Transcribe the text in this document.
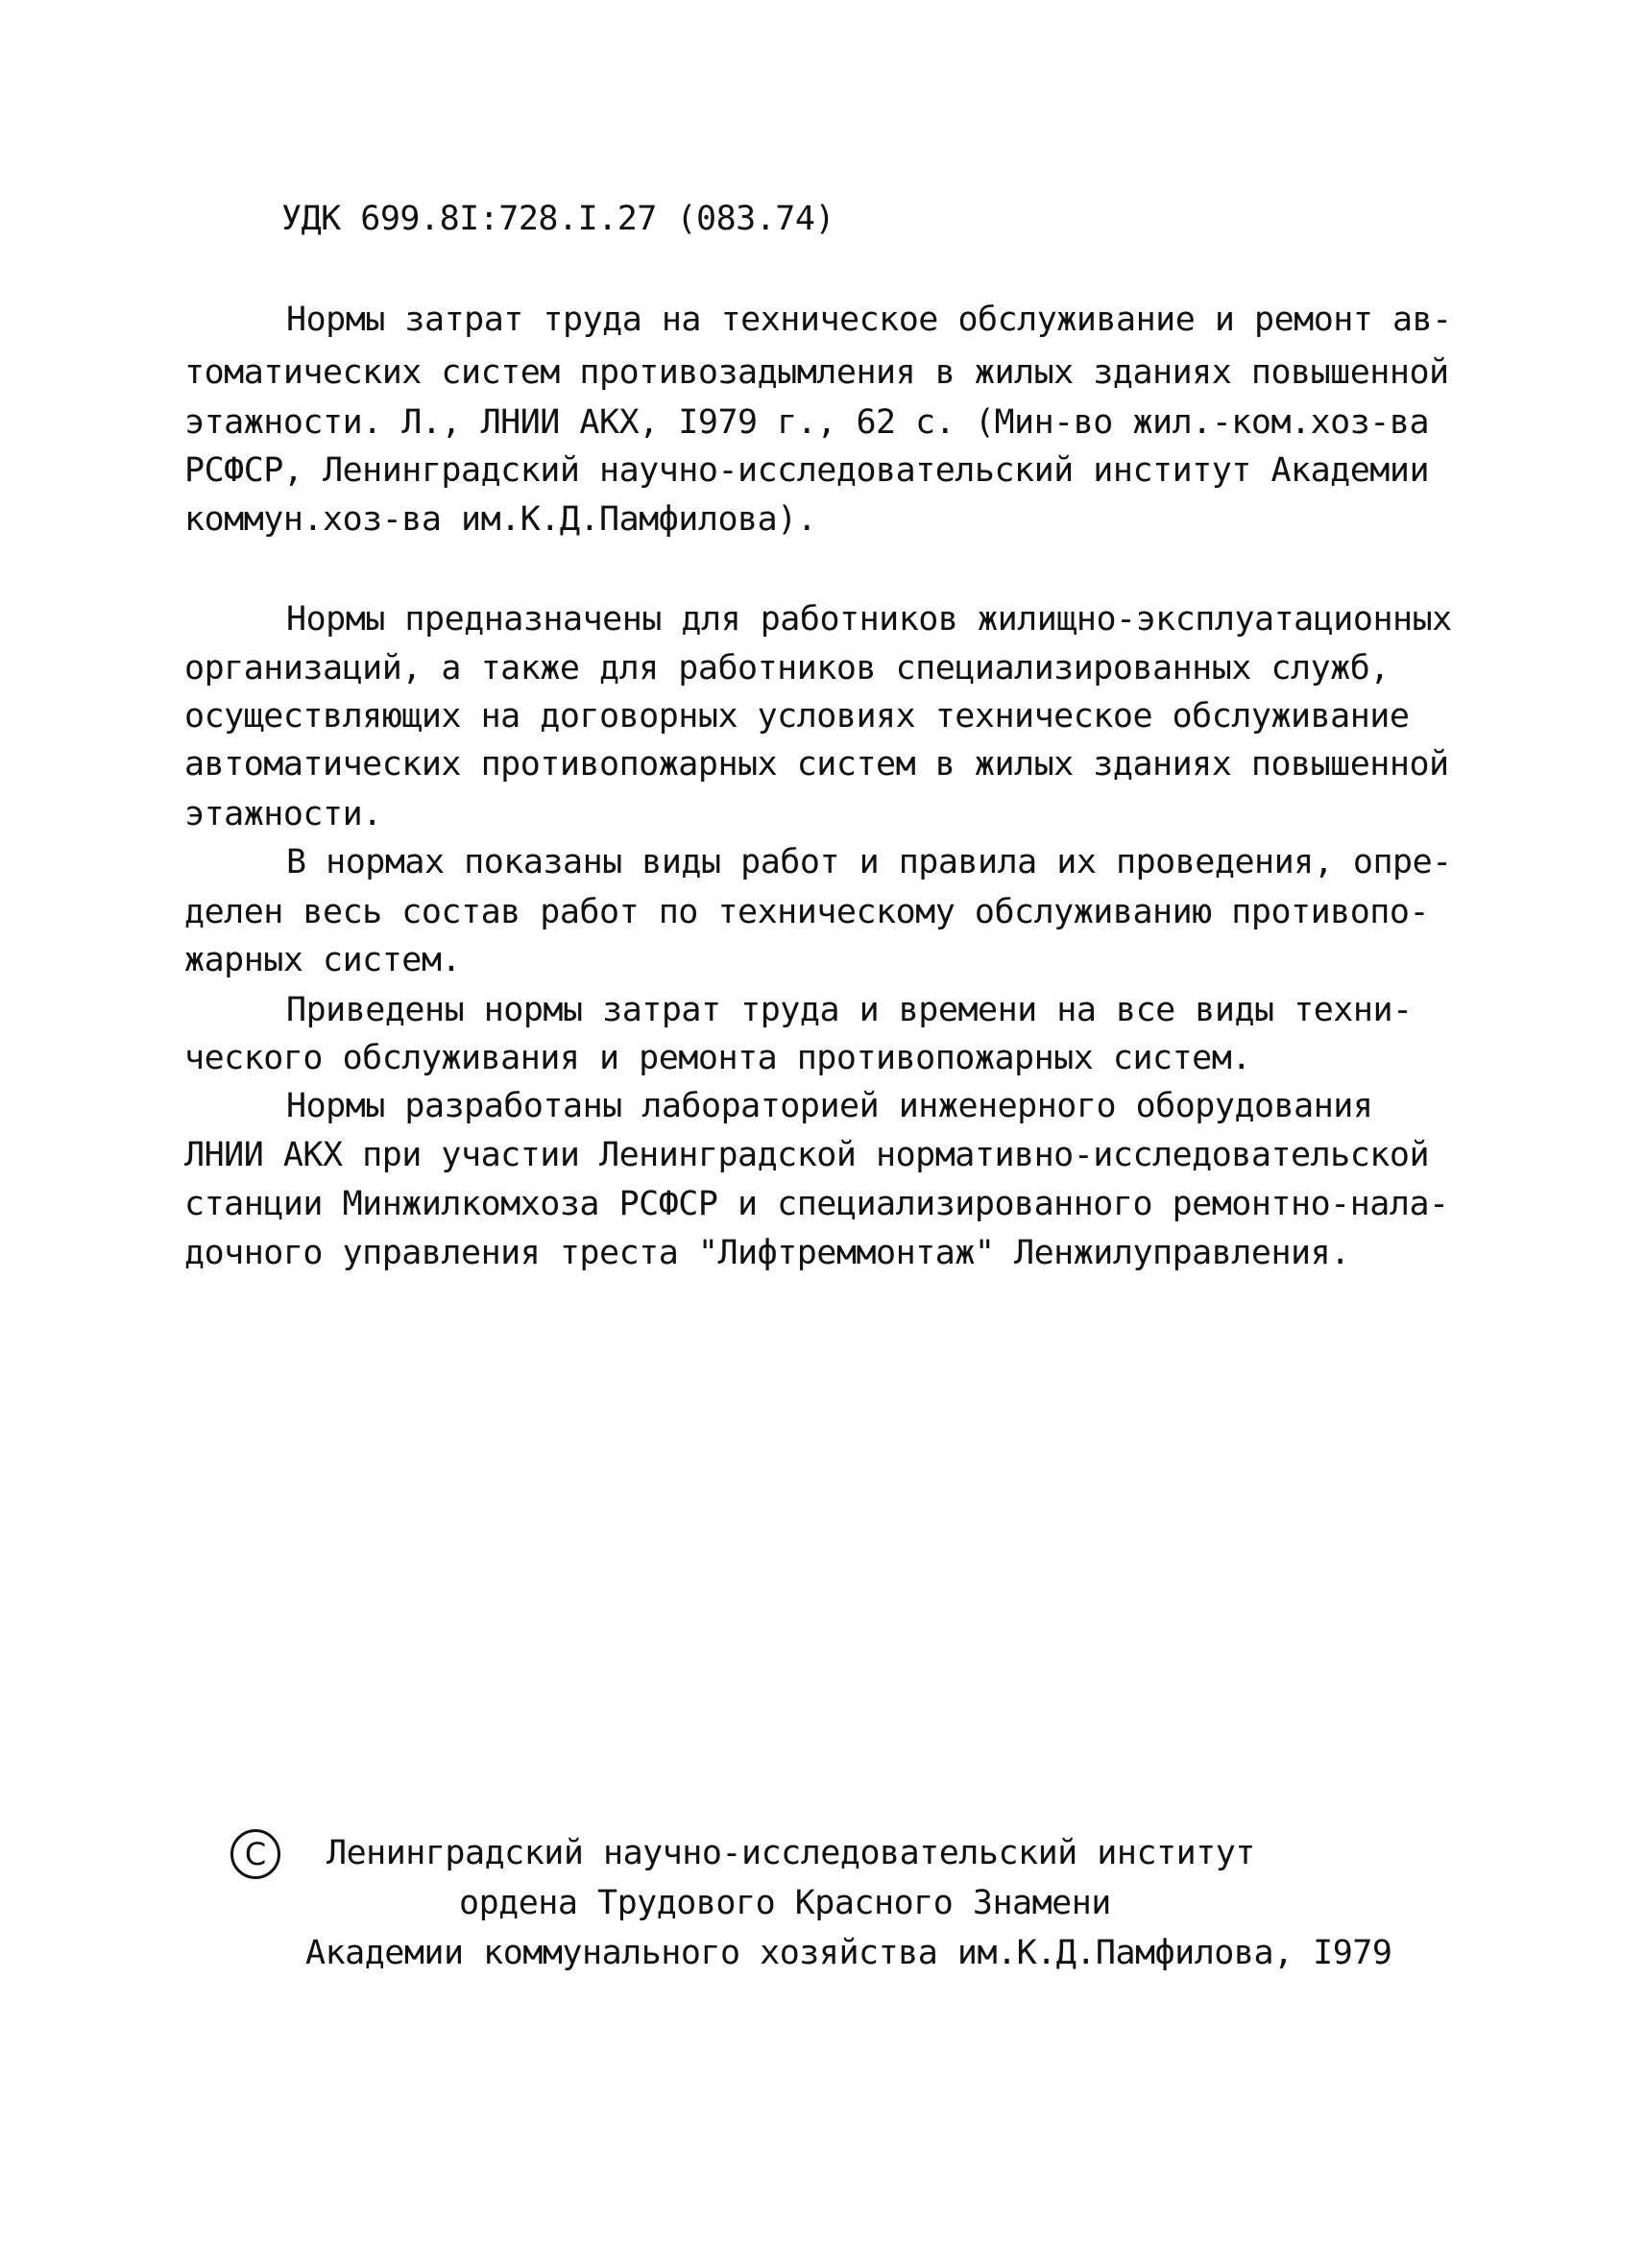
УДК 699.8I:728.I.27 (083.74)
Нормы затрат труда на техническое обслуживание и ремонт ав-
томатических систем противозадымления в жилых зданиях повышенной
этажности. Л., ЛНИИ АКХ, I979 г., 62 с. (Мин-во жил.-ком.хоз-ва
РСФСР, Ленинградский научно-исследовательский институт Академии
коммун.хоз-ва им.К.Д.Памфилова).
Нормы предназначены для работников жилищно-эксплуатационных
организаций, а также для работников специализированных служб,
осуществляющих на договорных условиях техническое обслуживание
автоматических противопожарных систем в жилых зданиях повышенной
этажности.
В нормах показаны виды работ и правила их проведения, опре-
делен весь состав работ по техническому обслуживанию противопо-
жарных систем.
Приведены нормы затрат труда и времени на все виды техни-
ческого обслуживания и ремонта противопожарных систем.
Нормы разработаны лабораторией инженерного оборудования
ЛНИИ АКХ при участии Ленинградской нормативно-исследовательской
станции Минжилкомхоза РСФСР и специализированного ремонтно-нала-
дочного управления треста "Лифтреммонтаж" Ленжилуправления.
C	Ленинградский научно-исследовательский институт
ордена Трудового Красного Знамени
Академии коммунального хозяйства им.К.Д.Памфилова, I979
